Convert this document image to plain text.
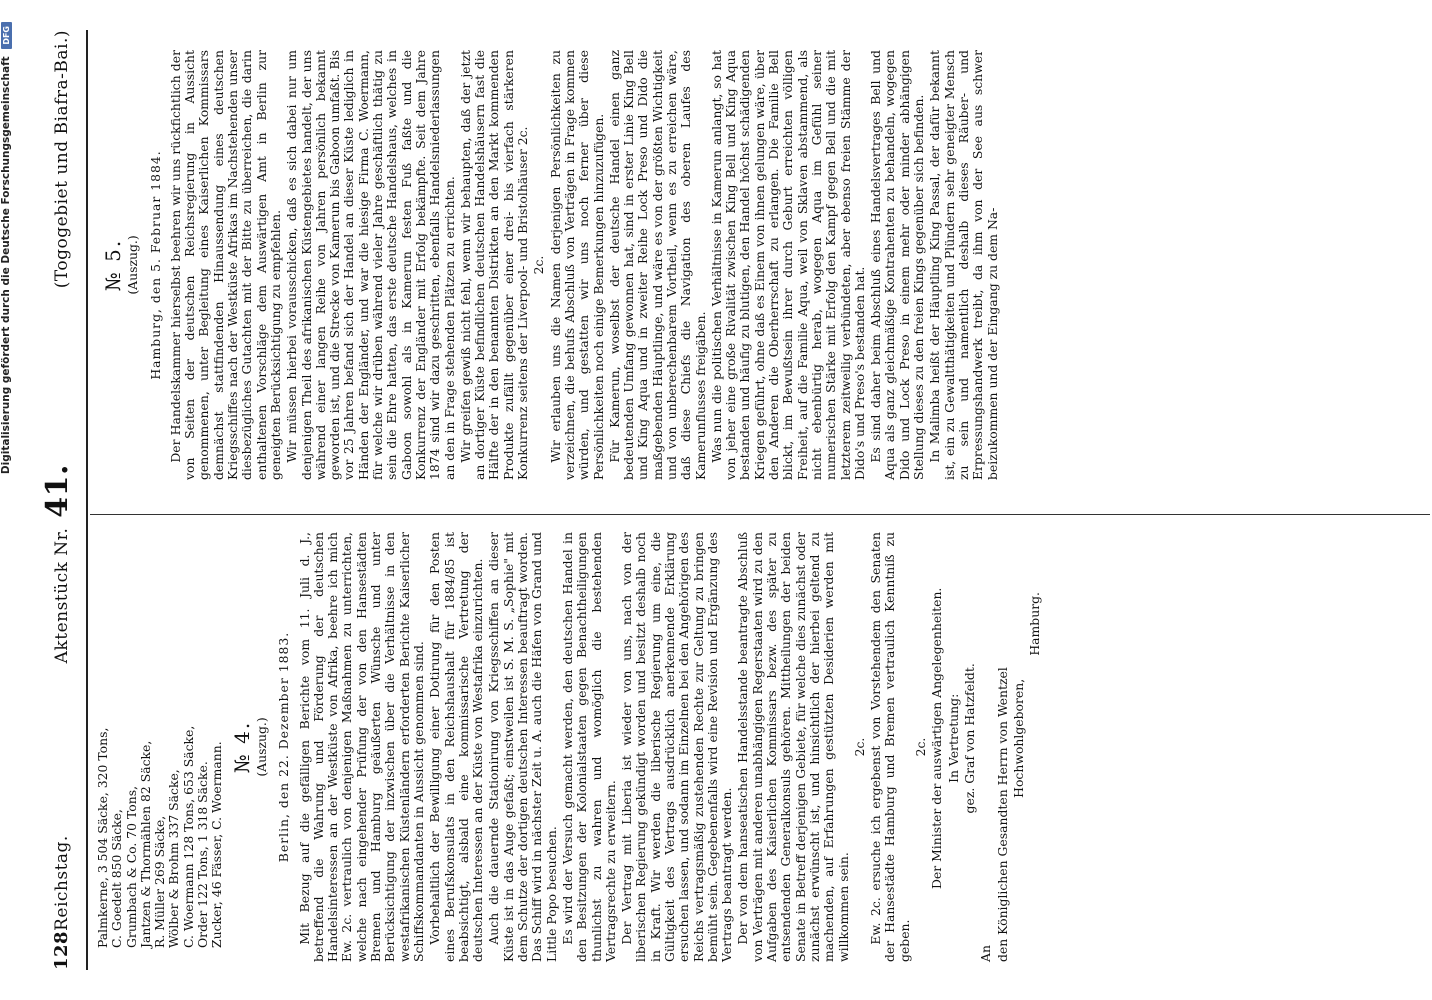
Digitalisierung gefördert durch die Deutsche Forschungsgemeinschaft DFG
128
Reichstag.
Aktenstück Nr. 41.
(Togogebiet und Biafra-Bai.)
Palmkerne, 3 504 Säcke, 320 Tons, C. Goedelt 850 Säcke, Grumbach & Co. 70 Tons, Jantzen & Thormählen 82 Säcke, R. Müller 269 Säcke, Wölber & Brohm 337 Säcke, C. Woermann 128 Tons, 653 Säcke, Order 122 Tons, 1 318 Säcke. Zucker, 46 Fässer, C. Woermann. № 4. (Auszug.) Berlin, den 22. Dezember 1883. Mit Bezug auf die gefälligen Berichte vom 11. Juli d. J., betreffend die Wahrung und Förderung der deutschen Handelsinteressen an der Westküste von Afrika, beehre ich mich Ew. 2c. vertraulich von denjenigen Maßnahmen zu unterrichten, welche nach eingehender Prüfung der von den Hansestädten Bremen und Hamburg geäußerten Wünsche und unter Berücksichtigung der inzwischen über die Verhältnisse in den westafrikanischen Küstenländern erforderten Berichte Kaiserlicher Schiffskommandanten in Aussicht genommen sind. Vorbehaltlich der Bewilligung einer Dotirung für den Posten eines Berufskonsulats in den Reichshaushalt für 1884/85 ist beabsichtigt, alsbald eine kommissarische Vertretung der deutschen Interessen an der Küste von Westafrika einzurichten. Auch die dauernde Stationirung von Kriegsschiffen an dieser Küste ist in das Auge gefaßt; einstweilen ist S. M. S. „Sophie" mit dem Schutze der dortigen deutschen Interessen beauftragt worden. Das Schiff wird in nächster Zeit u. A. auch die Häfen von Grand und Little Popo besuchen. Es wird der Versuch gemacht werden, den deutschen Handel in den Besitzungen der Kolonialstaaten gegen Benachtheiligungen thunlichst zu wahren und womöglich die bestehenden Vertragsrechte zu erweitern. Der Vertrag mit Liberia ist wieder von uns, nach von der liberischen Regierung gekündigt worden und besitzt deshalb noch in Kraft. Wir werden die liberische Regierung um eine, die Gültigkeit des Vertrags ausdrücklich anerkennende Erklärung ersuchen lassen, und sodann im Einzelnen bei den Angehörigen des Reichs vertragsmäßig zustehenden Rechte zur Geltung zu bringen bemüht sein. Gegebenenfalls wird eine Revision und Ergänzung des Vertrags beantragt werden. Der von dem hanseatischen Handelsstande beantragte Abschluß von Verträgen mit anderen unabhängigen Regerstaaten wird zu den Aufgaben des Kaiserlichen Kommissars bezw. des später zu entsendenden Generalkonsuls gehören. Mittheilungen der beiden Senate in Betreff derjenigen Gebiete, für welche dies zunächst oder zunächst erwünscht ist, und hinsichtlich der hierbei geltend zu machenden, auf Erfahrungen gestützten Desiderien werden mit willkommen sein.

2c. Ew. 2c. ersuche ich ergebenst von Vorstehendem den Senaten der Hansestädte Hamburg und Bremen vertraulich Kenntniß zu geben.

2c. Der Minister der auswärtigen Angelegenheiten. In Vertretung: gez. Graf von Hatzfeldt.

An den Königlichen Gesandten Herrn von Wentzel Hochwohlgeboren,

Hamburg.

№ 5. (Auszug.) Hamburg, den 5. Februar 1884. Der Handelskammer hierselbst beehren wir uns rückfichtlich der von Seiten der deutschen Reichsregierung in Aussicht genommenen, unter Begleitung eines Kaiserlichen Kommissars demnächst stattfindenden Hinaussendung eines deutschen Kriegsschiffes nach der Westküste Afrikas im Nachstehenden unser diesbezügliches Gutachten mit der Bitte zu überreichen, die darin enthaltenen Vorschläge dem Auswärtigen Amt in Berlin zur geneigten Berücksichtigung zu empfehlen. Wir müssen hierbei vorausschicken, daß es sich dabei nur um denjenigen Theil des afrikanischen Küstengebietes handelt, der uns während einer langen Reihe von Jahren persönlich bekannt geworden ist, und die Strecke von Kamerun bis Gaboon umfaßt. Bis vor 25 Jahren befand sich der Handel an dieser Küste lediglich in Händen der Engländer, und war die hiesige Firma C. Woermann, für welche wir drüben während vieler Jahre geschäftlich thätig zu sein die Ehre hatten, das erste deutsche Handelshaus, welches in Gaboon sowohl als in Kamerun festen Fuß faßte und die Konkurrenz der Engländer mit Erfolg bekämpfte. Seit dem Jahre 1874 sind wir dazu geschritten, ebenfalls Handelsniederlassungen an den in Frage stehenden Plätzen zu errichten. Wir greifen gewiß nicht fehl, wenn wir behaupten, daß der jetzt an dortiger Küste befindlichen deutschen Handelshäusern fast die Hälfte der in den benannten Distrikten an den Markt kommenden Produkte zufällt gegenüber einer drei- bis vierfach stärkeren Konkurrenz seitens der Liverpool- und Bristolhäuser 2c. 2c. Wir erlauben uns die Namen derjenigen Persönlichkeiten zu verzeichnen, die behufs Abschluß von Verträgen in Frage kommen würden, und gestatten wir uns noch ferner über diese Persönlichkeiten noch einige Bemerkungen hinzuzufügen. Für Kamerun, woselbst der deutsche Handel einen ganz bedeutenden Umfang gewonnen hat, sind in erster Linie King Bell und King Aqua und in zweiter Reihe Lock Preso und Dido die maßgebenden Häuptlinge, und wäre es von der größten Wichtigkeit und von unberechenbarem Vortheil, wenn es zu erreichen wäre, daß diese Chiefs die Navigation des oberen Laufes des Kamerunflusses freigäben. Was nun die politischen Verhältnisse in Kamerun anlangt, so hat von jeher eine große Rivalität zwischen King Bell und King Aqua bestanden und häufig zu blutigen, den Handel höchst schädigenden Kriegen geführt, ohne daß es Einem von ihnen gelungen wäre, über den Anderen die Oberherrschaft zu erlangen. Die Familie Bell blickt, im Bewußtsein ihrer durch Geburt erreichten völligen Freiheit, auf die Familie Aqua, weil von Sklaven abstammend, als nicht ebenbürtig herab, wogegen Aqua im Gefühl seiner numerischen Stärke mit Erfolg den Kampf gegen Bell und die mit letzterem zeitweilig verbündeten, aber ebenso freien Stämme der Dido's und Preso's bestanden hat. Es sind daher beim Abschluß eines Handelsvertrages Bell und Aqua als ganz gleichmäßige Kontrahenten zu behandeln, wogegen Dido und Lock Preso in einem mehr oder minder abhängigen Stellung dieses zu den freien Kings gegenüber sich befinden. In Malimba heißt der Häuptling King Passal, der dafür bekannt ist, ein zu Gewaltthätigkeiten und Plündern sehr geneigter Mensch zu sein und namentlich deshalb dieses Räuber- und Erpressungshandwerk treibt, da ihm von der See aus schwer beizukommen und der Eingang zu dem Na-
